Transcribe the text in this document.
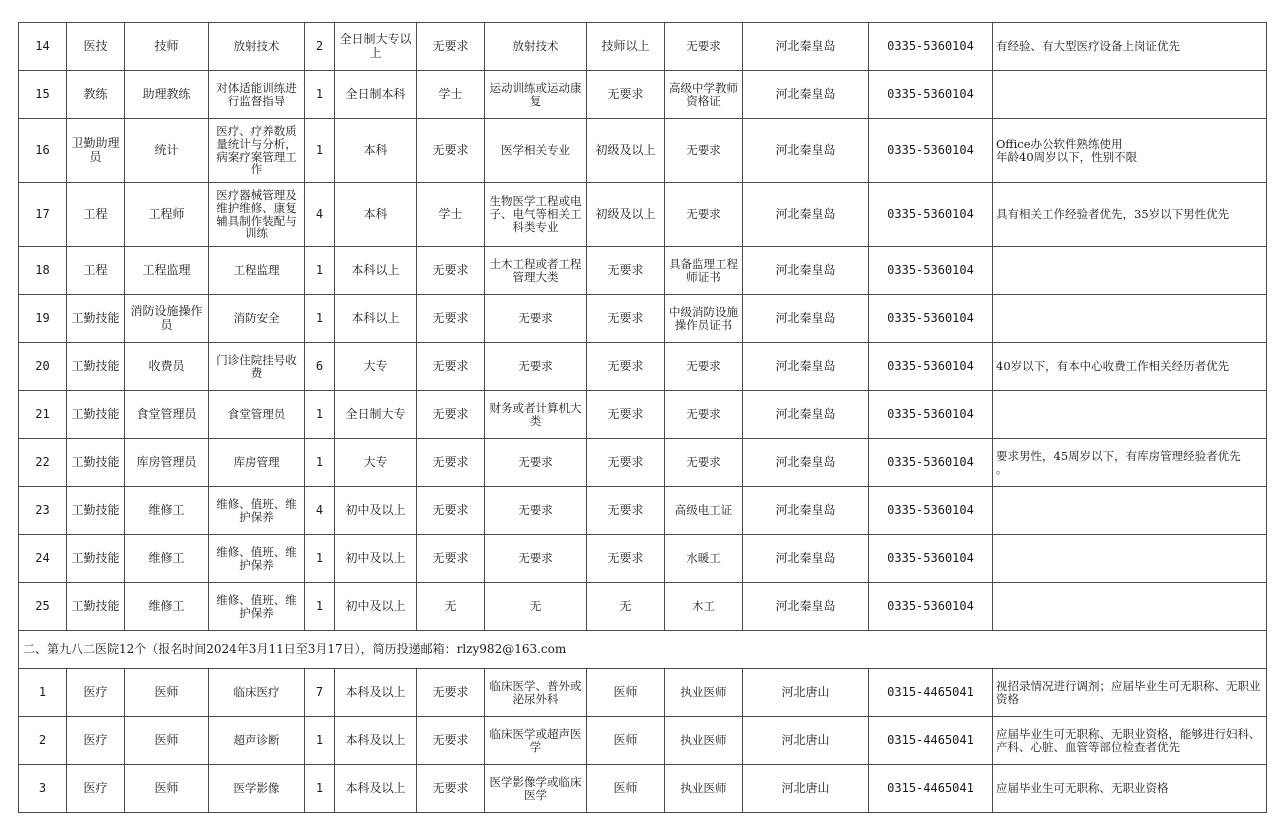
14	医技	技师	放射技术	2	全日制大专以上	无要求	放射技术	技师以上	无要求	河北秦皇岛	0335-5360104	有经验、有大型医疗设备上岗证优先

15	教练	助理教练	对体适能训练进行监督指导	1	全日制本科	学士	运动训练或运动康复	无要求	高级中学教师资格证	河北秦皇岛	0335-5360104	

16	卫勤助理员	统计	医疗、疗养数质量统计与分析，病案疗案管理工作	1	本科	无要求	医学相关专业	初级及以上	无要求	河北秦皇岛	0335-5360104	Office办公软件熟练使用
年龄40周岁以下，性别不限

17	工程	工程师	医疗器械管理及维护维修、康复辅具制作装配与训练	4	本科	学士	生物医学工程或电子、电气等相关工科类专业	初级及以上	无要求	河北秦皇岛	0335-5360104	具有相关工作经验者优先，35岁以下男性优先

18	工程	工程监理	工程监理	1	本科以上	无要求	土木工程或者工程管理大类	无要求	具备监理工程师证书	河北秦皇岛	0335-5360104	

19	工勤技能	消防设施操作员	消防安全	1	本科以上	无要求	无要求	无要求	中级消防设施操作员证书	河北秦皇岛	0335-5360104	

20	工勤技能	收费员	门诊住院挂号收费	6	大专	无要求	无要求	无要求	无要求	河北秦皇岛	0335-5360104	40岁以下，有本中心收费工作相关经历者优先

21	工勤技能	食堂管理员	食堂管理员	1	全日制大专	无要求	财务或者计算机大类	无要求	无要求	河北秦皇岛	0335-5360104	

22	工勤技能	库房管理员	库房管理	1	大专	无要求	无要求	无要求	无要求	河北秦皇岛	0335-5360104	要求男性，45周岁以下，有库房管理经验者优先
。

23	工勤技能	维修工	维修、值班、维护保养	4	初中及以上	无要求	无要求	无要求	高级电工证	河北秦皇岛	0335-5360104	

24	工勤技能	维修工	维修、值班、维护保养	1	初中及以上	无要求	无要求	无要求	水暖工	河北秦皇岛	0335-5360104	

25	工勤技能	维修工	维修、值班、维护保养	1	初中及以上	无	无	无	木工	河北秦皇岛	0335-5360104	

二、第九八二医院12个（报名时间2024年3月11日至3月17日），简历投递邮箱：rlzy982@163.com												
1	医疗	医师	临床医疗	7	本科及以上	无要求	临床医学、普外或泌尿外科	医师	执业医师	河北唐山	0315-4465041	视招录情况进行调剂；应届毕业生可无职称、无职业资格

2	医疗	医师	超声诊断	1	本科及以上	无要求	临床医学或超声医学	医师	执业医师	河北唐山	0315-4465041	应届毕业生可无职称、无职业资格，能够进行妇科、产科、心脏、血管等部位检查者优先

3	医疗	医师	医学影像	1	本科及以上	无要求	医学影像学或临床医学	医师	执业医师	河北唐山	0315-4465041	应届毕业生可无职称、无职业资格
